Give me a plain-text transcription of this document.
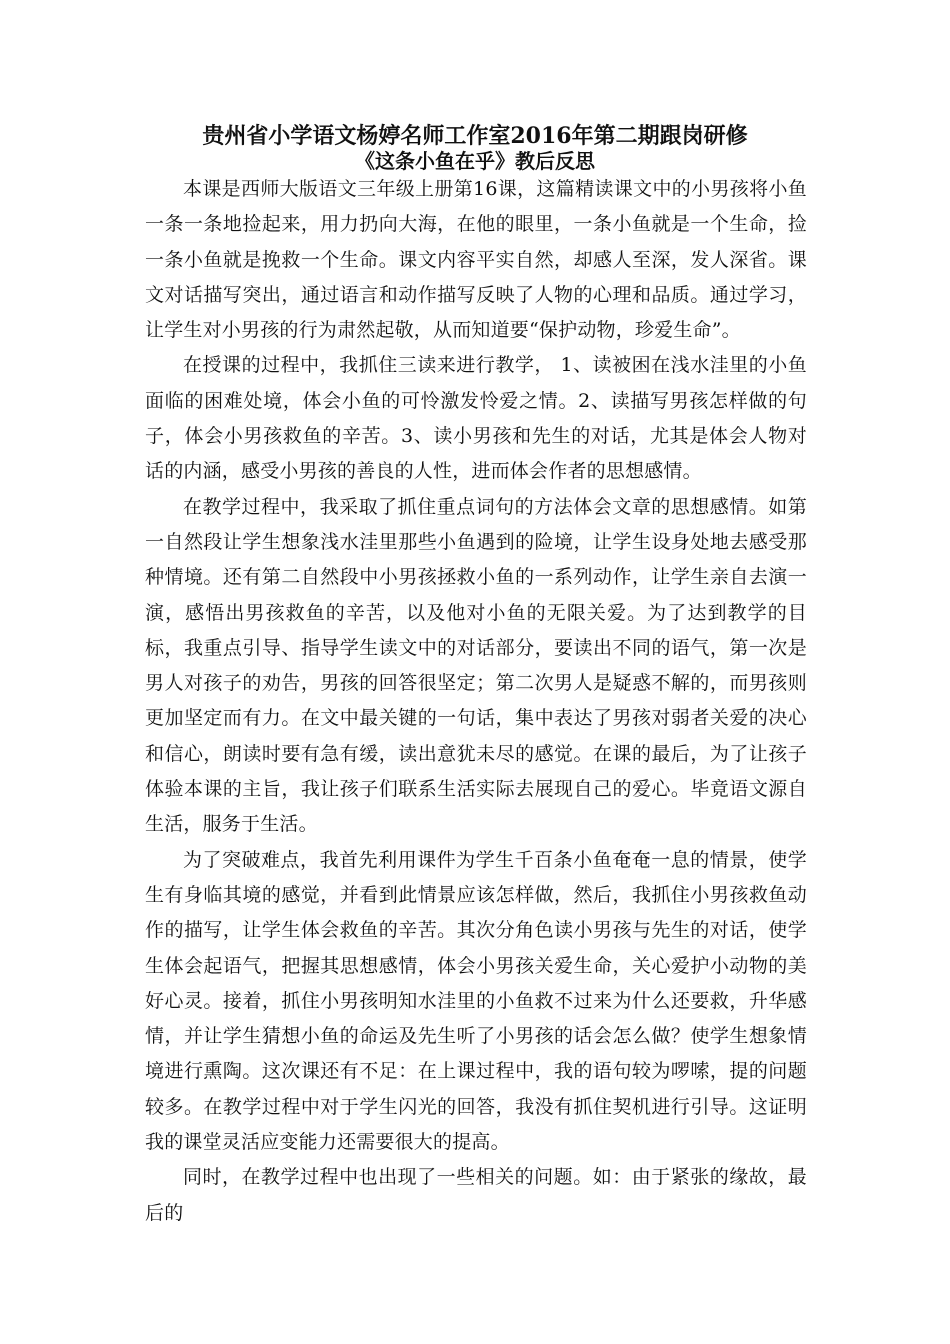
贵州省小学语文杨婷名师工作室2016年第二期跟岗研修
《这条小鱼在乎》教后反思

本课是西师大版语文三年级上册第16课，这篇精读课文中的小男孩将小鱼一条一条地捡起来，用力扔向大海，在他的眼里，一条小鱼就是一个生命，捡一条小鱼就是挽救一个生命。课文内容平实自然，却感人至深，发人深省。课文对话描写突出，通过语言和动作描写反映了人物的心理和品质。通过学习，让学生对小男孩的行为肃然起敬，从而知道要“保护动物，珍爱生命”。

在授课的过程中，我抓住三读来进行教学， 1、读被困在浅水洼里的小鱼面临的困难处境，体会小鱼的可怜激发怜爱之情。2、读描写男孩怎样做的句子，体会小男孩救鱼的辛苦。3、读小男孩和先生的对话，尤其是体会人物对话的内涵，感受小男孩的善良的人性，进而体会作者的思想感情。

在教学过程中，我采取了抓住重点词句的方法体会文章的思想感情。如第一自然段让学生想象浅水洼里那些小鱼遇到的险境，让学生设身处地去感受那种情境。还有第二自然段中小男孩拯救小鱼的一系列动作，让学生亲自去演一演，感悟出男孩救鱼的辛苦，以及他对小鱼的无限关爱。为了达到教学的目标，我重点引导、指导学生读文中的对话部分，要读出不同的语气，第一次是男人对孩子的劝告，男孩的回答很坚定；第二次男人是疑惑不解的，而男孩则更加坚定而有力。在文中最关键的一句话，集中表达了男孩对弱者关爱的决心和信心，朗读时要有急有缓，读出意犹未尽的感觉。在课的最后，为了让孩子体验本课的主旨，我让孩子们联系生活实际去展现自己的爱心。毕竟语文源自生活，服务于生活。

为了突破难点，我首先利用课件为学生千百条小鱼奄奄一息的情景，使学生有身临其境的感觉，并看到此情景应该怎样做，然后，我抓住小男孩救鱼动作的描写，让学生体会救鱼的辛苦。其次分角色读小男孩与先生的对话，使学生体会起语气，把握其思想感情，体会小男孩关爱生命，关心爱护小动物的美好心灵。接着，抓住小男孩明知水洼里的小鱼救不过来为什么还要救，升华感情，并让学生猜想小鱼的命运及先生听了小男孩的话会怎么做？使学生想象情境进行熏陶。这次课还有不足：在上课过程中，我的语句较为啰嗦，提的问题较多。在教学过程中对于学生闪光的回答，我没有抓住契机进行引导。这证明我的课堂灵活应变能力还需要很大的提高。

同时，在教学过程中也出现了一些相关的问题。如：由于紧张的缘故，最后的
